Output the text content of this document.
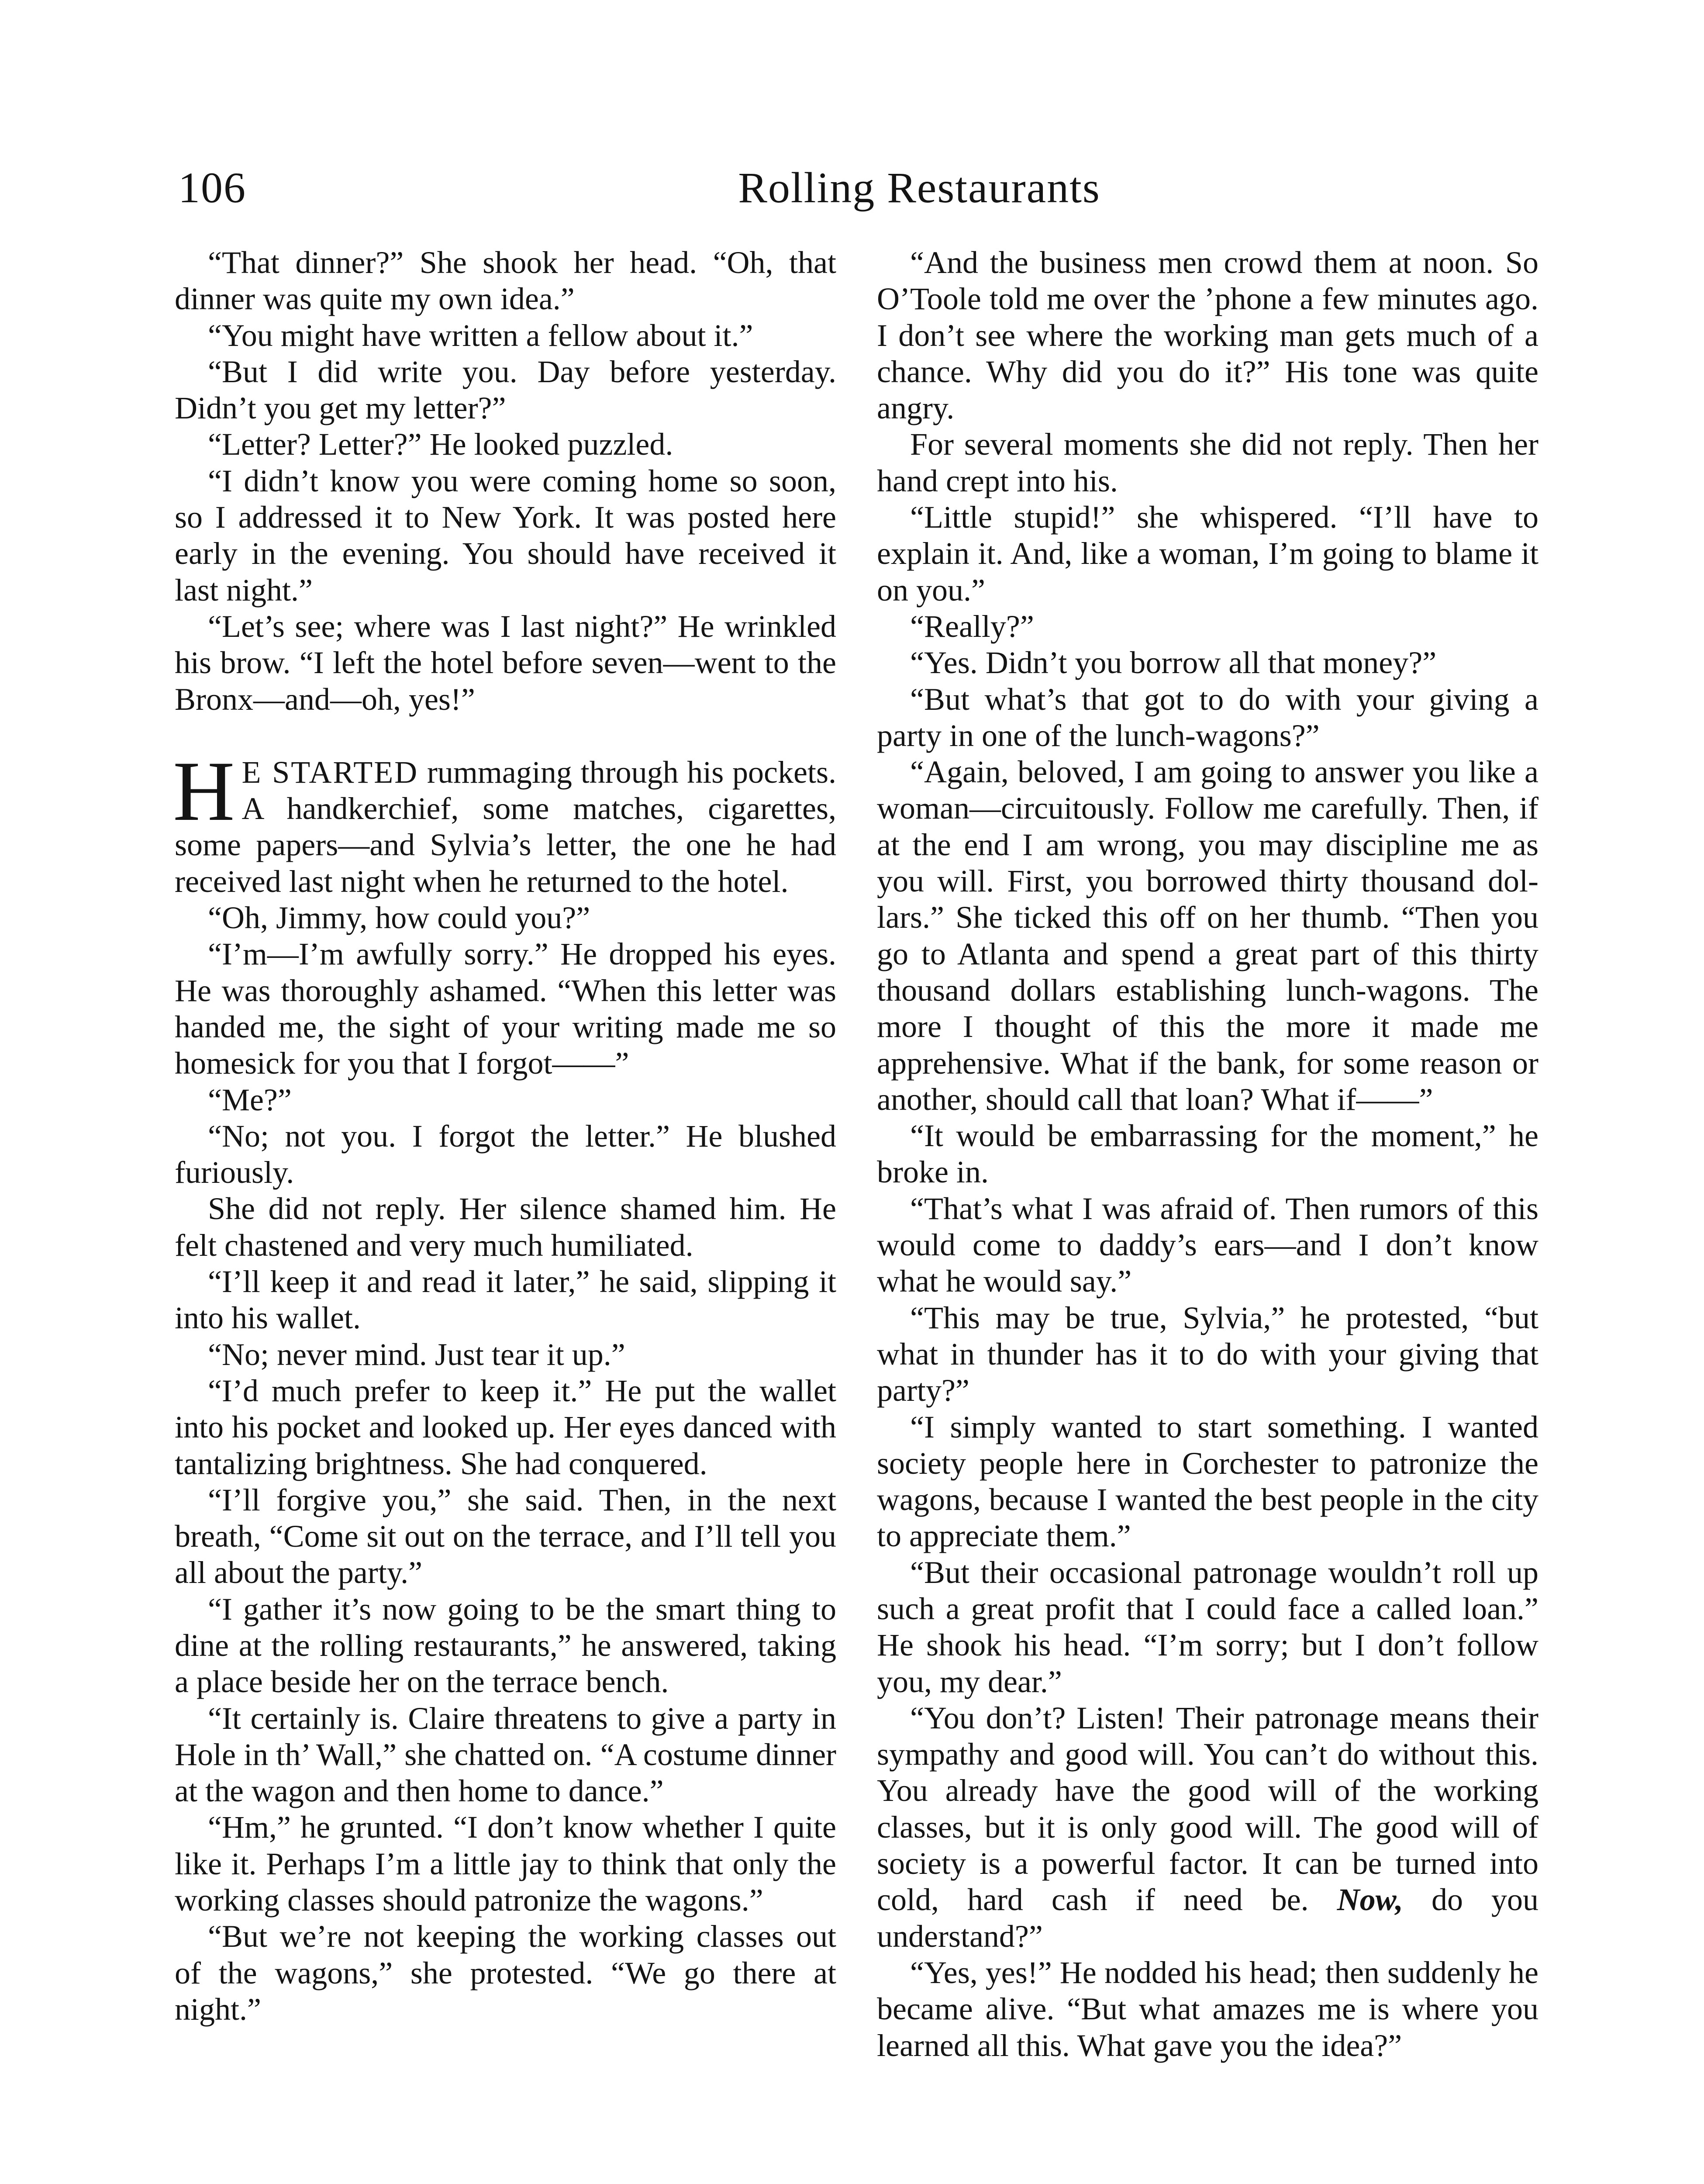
106	Rolling Restaurants

“That dinner?” She shook her head. “Oh, that dinner was quite my own idea.”

“You might have written a fellow about it.”

“But I did write you. Day before yesterday. Didn’t you get my letter?”

“Letter? Letter?” He looked puzzled.

“I didn’t know you were coming home so soon, so I addressed it to New York. It was posted here early in the evening. You should have received it last night.”

“Let’s see; where was I last night?” He wrinkled his brow. “I left the hotel before seven—went to the Bronx—and—oh, yes!”

H E STARTED rummaging through his pockets. A handkerchief, some matches, cigarettes, some papers—and Sylvia’s letter, the one he had received last night when he returned to the hotel.

“Oh, Jimmy, how could you?”

“I’m—I’m awfully sorry.” He dropped his eyes. He was thoroughly ashamed. “When this letter was handed me, the sight of your writing made me so homesick for you that I forgot——”

“Me?”

“No; not you. I forgot the letter.” He blushed furiously.

She did not reply. Her silence shamed him. He felt chastened and very much humiliated.

“I’ll keep it and read it later,” he said, slipping it into his wallet.

“No; never mind. Just tear it up.”

“I’d much prefer to keep it.” He put the wallet into his pocket and looked up. Her eyes danced with tantalizing brightness. She had conquered.

“I’ll forgive you,” she said. Then, in the next breath, “Come sit out on the terrace, and I’ll tell you all about the party.”

“I gather it’s now going to be the smart thing to dine at the rolling restaurants,” he answered, taking a place beside her on the terrace bench.

“It certainly is. Claire threatens to give a party in Hole in th’ Wall,” she chatted on. “A costume dinner at the wagon and then home to dance.”

“Hm,” he grunted. “I don’t know whether I quite like it. Perhaps I’m a little jay to think that only the working classes should patronize the wagons.”

“But we’re not keeping the working classes out of the wagons,” she protested. “We go there at night.”

“And the business men crowd them at noon. So O’Toole told me over the ’phone a few minutes ago. I don’t see where the working man gets much of a chance. Why did you do it?” His tone was quite angry.

For several moments she did not reply. Then her hand crept into his.

“Little stupid!” she whispered. “I’ll have to explain it. And, like a woman, I’m going to blame it on you.”

“Really?”

“Yes. Didn’t you borrow all that money?”

“But what’s that got to do with your giving a party in one of the lunch-wagons?”

“Again, beloved, I am going to answer you like a woman—circuitously. Follow me carefully. Then, if at the end I am wrong, you may discipline me as you will. First, you borrowed thirty thousand dollars.” She ticked this off on her thumb. “Then you go to Atlanta and spend a great part of this thirty thousand dollars establishing lunch-wagons. The more I thought of this the more it made me apprehensive. What if the bank, for some reason or another, should call that loan? What if——”

“It would be embarrassing for the moment,” he broke in.

“That’s what I was afraid of. Then rumors of this would come to daddy’s ears—and I don’t know what he would say.”

“This may be true, Sylvia,” he protested, “but what in thunder has it to do with your giving that party?”

“I simply wanted to start something. I wanted society people here in Corchester to patronize the wagons, because I wanted the best people in the city to appreciate them.”

“But their occasional patronage wouldn’t roll up such a great profit that I could face a called loan.” He shook his head. “I’m sorry; but I don’t follow you, my dear.”

“You don’t? Listen! Their patronage means their sympathy and good will. You can’t do without this. You already have the good will of the working classes, but it is only good will. The good will of society is a powerful factor. It can be turned into cold, hard cash if need be. Now, do you understand?”

“Yes, yes!” He nodded his head; then suddenly he became alive. “But what amazes me is where you learned all this. What gave you the idea?”
